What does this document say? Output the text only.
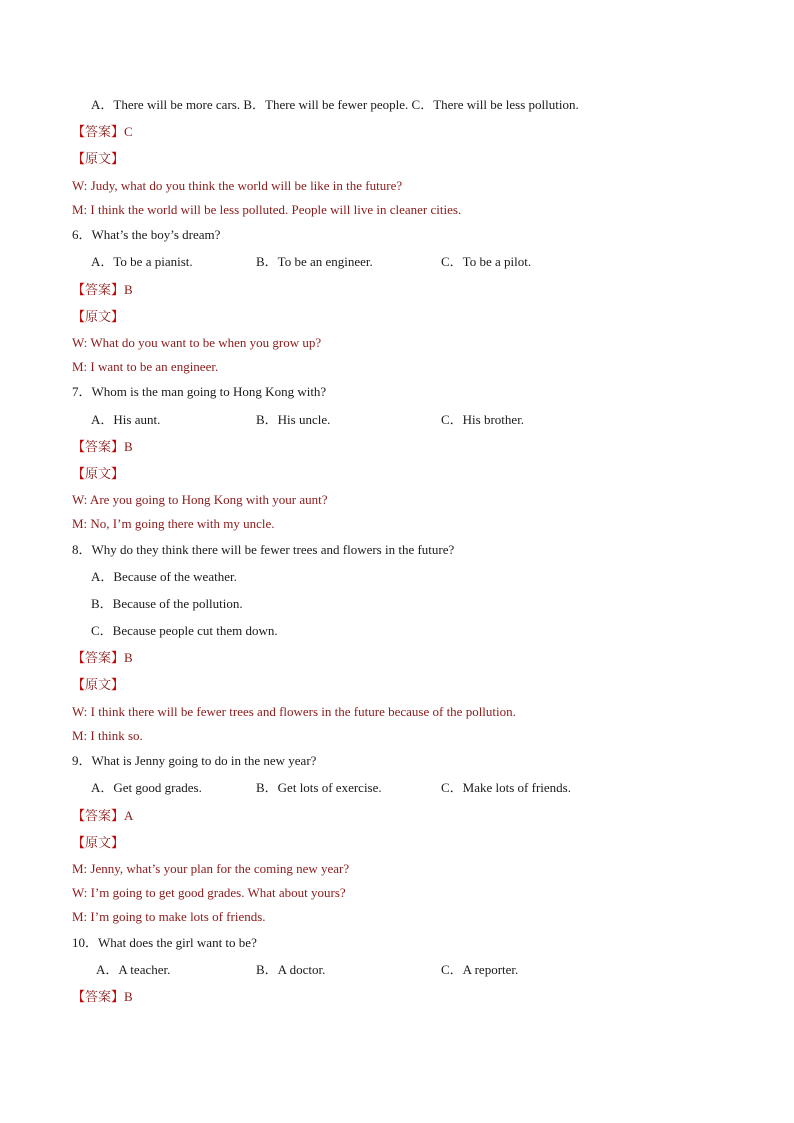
A．There will be more cars. B．There will be fewer people. C．There will be less pollution.
【答案】C
【原文】
W: Judy, what do you think the world will be like in the future?
M: I think the world will be less polluted. People will live in cleaner cities.
6．What’s the boy’s dream?
A．To be a pianist.	B．To be an engineer.	C．To be a pilot.
【答案】B
【原文】
W: What do you want to be when you grow up?
M: I want to be an engineer.
7．Whom is the man going to Hong Kong with?
A．His aunt.	B．His uncle.	C．His brother.
【答案】B
【原文】
W: Are you going to Hong Kong with your aunt?
M: No, I’m going there with my uncle.
8．Why do they think there will be fewer trees and flowers in the future?
A．Because of the weather.
B．Because of the pollution.
C．Because people cut them down.
【答案】B
【原文】
W: I think there will be fewer trees and flowers in the future because of the pollution.
M: I think so.
9．What is Jenny going to do in the new year?
A．Get good grades.	B．Get lots of exercise.	C．Make lots of friends.
【答案】A
【原文】
M: Jenny, what’s your plan for the coming new year?
W: I’m going to get good grades. What about yours?
M: I’m going to make lots of friends.
10．What does the girl want to be?
A．A teacher.	B．A doctor.	C．A reporter.
【答案】B
